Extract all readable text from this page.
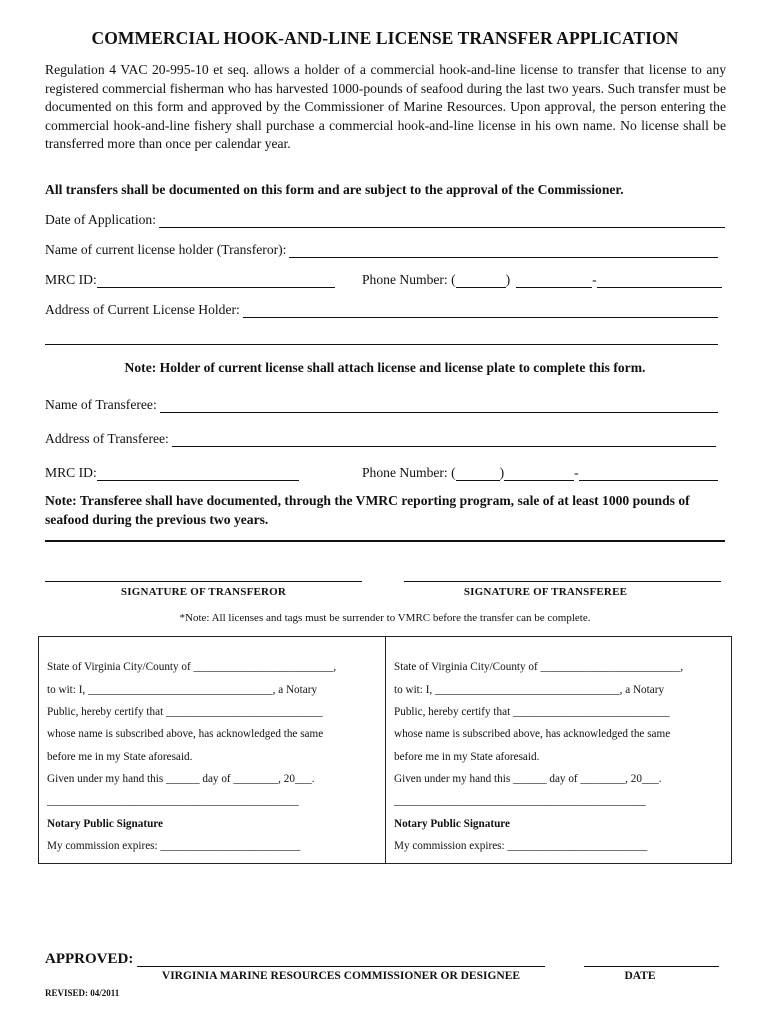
COMMERCIAL HOOK-AND-LINE LICENSE TRANSFER APPLICATION
Regulation 4 VAC 20-995-10 et seq. allows a holder of a commercial hook-and-line license to transfer that license to any registered commercial fisherman who has harvested 1000-pounds of seafood during the last two years. Such transfer must be documented on this form and approved by the Commissioner of Marine Resources. Upon approval, the person entering the commercial hook-and-line fishery shall purchase a commercial hook-and-line license in his own name. No license shall be transferred more than once per calendar year.
All transfers shall be documented on this form and are subject to the approval of the Commissioner.
Date of Application:
Name of current license holder (Transferor):
MRC ID:	Phone Number: (	)	-
Address of Current License Holder:
Note: Holder of current license shall attach license and license plate to complete this form.
Name of Transferee:
Address of Transferee:
MRC ID:	Phone Number: (	)	-
Note: Transferee shall have documented, through the VMRC reporting program, sale of at least 1000 pounds of seafood during the previous two years.
SIGNATURE OF TRANSFEROR	SIGNATURE OF TRANSFEREE
*Note: All licenses and tags must be surrender to VMRC before the transfer can be complete.
State of Virginia City/County of _________________________,
to wit: I, _________________________________, a Notary
Public, hereby certify that ____________________________
whose name is subscribed above, has acknowledged the same
before me in my State aforesaid.
Given under my hand this ______ day of ________, 20___.
_____________________________________________
Notary Public Signature
My commission expires: _________________________
State of Virginia City/County of _________________________,
to wit: I, _________________________________, a Notary
Public, hereby certify that ____________________________
whose name is subscribed above, has acknowledged the same
before me in my State aforesaid.
Given under my hand this ______ day of ________, 20___.
_____________________________________________
Notary Public Signature
My commission expires: _________________________
APPROVED:
VIRGINIA MARINE RESOURCES COMMISSIONER OR DESIGNEE	DATE
REVISED: 04/2011
